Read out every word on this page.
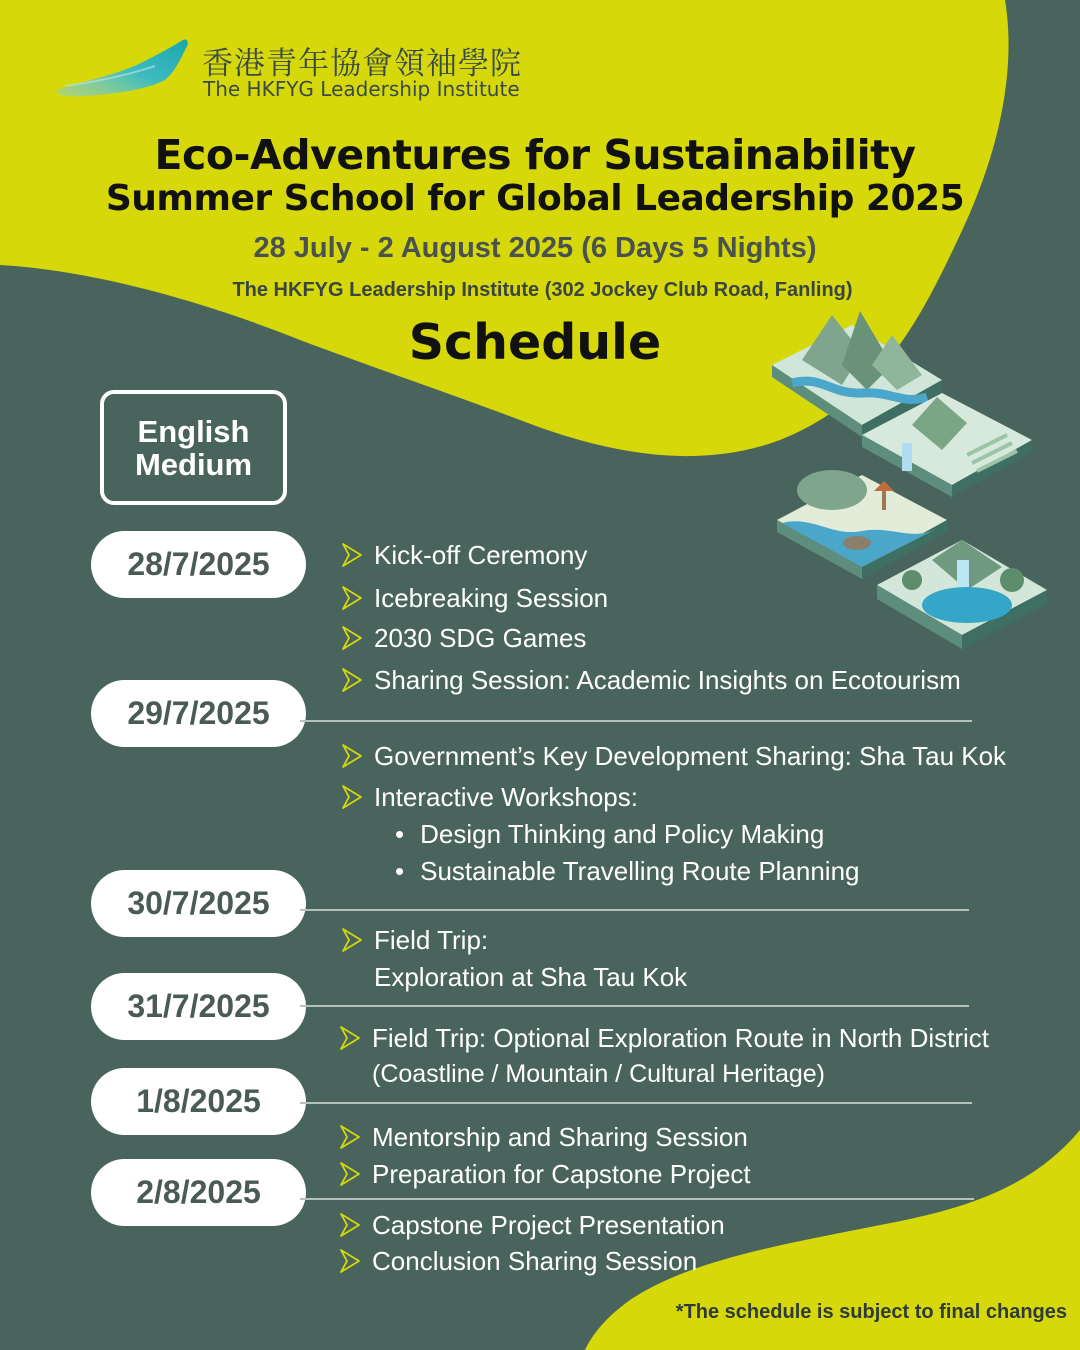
香港青年協會領袖學院
The HKFYG Leadership Institute
Eco-Adventures for Sustainability
Summer School for Global Leadership 2025
28 July - 2 August 2025 (6 Days 5 Nights)
The HKFYG Leadership Institute (302 Jockey Club Road, Fanling)
Schedule
English
Medium
28/7/2025
29/7/2025
30/7/2025
31/7/2025
1/8/2025
2/8/2025
Kick-off Ceremony
Icebreaking Session
2030 SDG Games
Sharing Session: Academic Insights on Ecotourism
Government’s Key Development Sharing: Sha Tau Kok
Interactive Workshops:
• Design Thinking and Policy Making
• Sustainable Travelling Route Planning
Field Trip:
Exploration at Sha Tau Kok
Field Trip: Optional Exploration Route in North District
(Coastline / Mountain / Cultural Heritage)
Mentorship and Sharing Session
Preparation for Capstone Project
Capstone Project Presentation
Conclusion Sharing Session
*The schedule is subject to final changes
